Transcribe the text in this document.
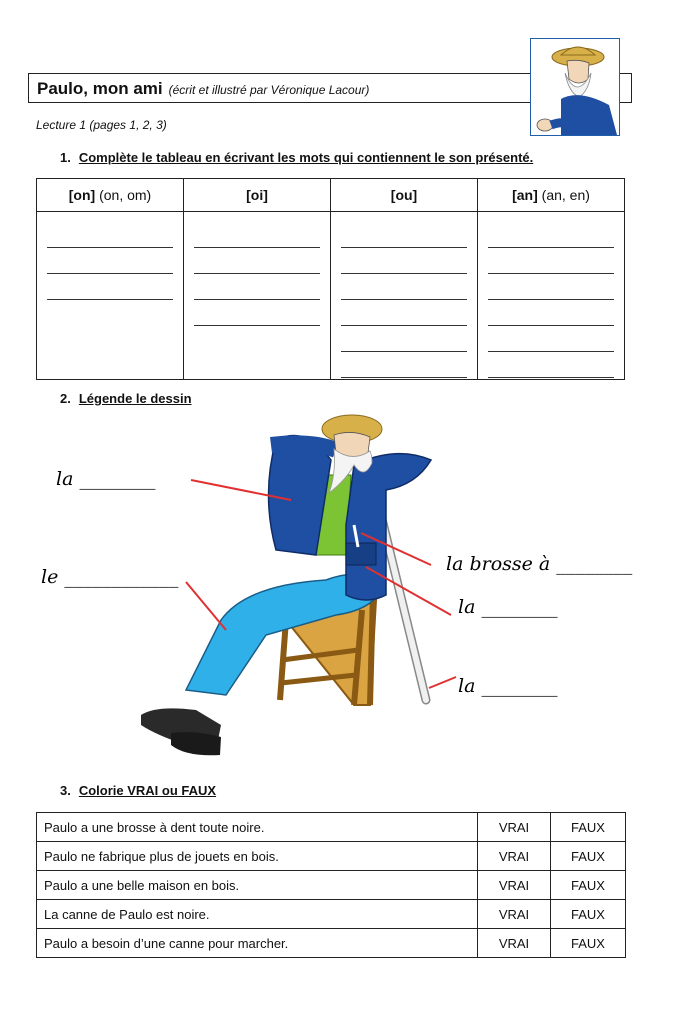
Paulo, mon ami (écrit et illustré par Véronique Lacour)
Lecture 1 (pages 1, 2, 3)
1. Complète le tableau en écrivant les mots qui contiennent le son présenté.
[on] (on, om)	[oi]	[ou]	[an] (an, en)

2. Légende le dessin
la ________
le ____________
la brosse à ________
la ________
la ________
3. Colorie VRAI ou FAUX
Paulo a une brosse à dent toute noire.	VRAI	FAUX
Paulo ne fabrique plus de jouets en bois.	VRAI	FAUX
Paulo a une belle maison en bois.	VRAI	FAUX
La canne de Paulo est noire.	VRAI	FAUX
Paulo a besoin d’une canne pour marcher.	VRAI	FAUX
